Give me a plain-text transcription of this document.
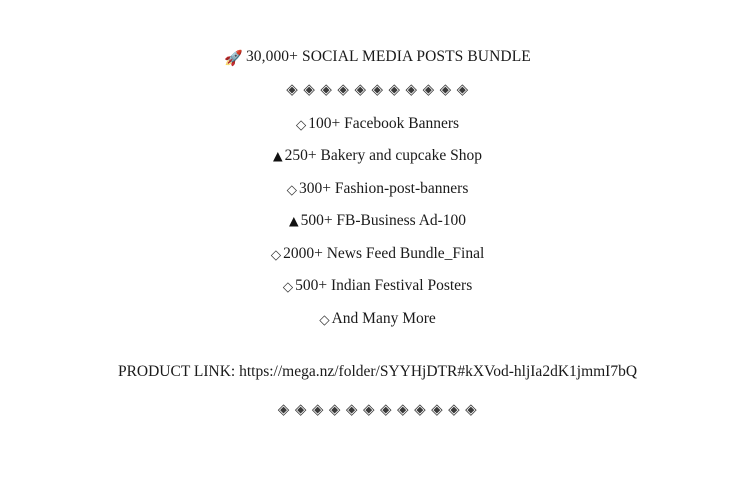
🚀 30,000+ SOCIAL MEDIA POSTS BUNDLE
◈◈◈◈◈◈◈◈◈◈◈
◇ 100+ Facebook Banners
▲ 250+ Bakery and cupcake Shop
◇ 300+ Fashion-post-banners
▲ 500+ FB-Business Ad-100
◇ 2000+ News Feed Bundle_Final
◇ 500+ Indian Festival Posters
◇ And Many More
PRODUCT LINK: https://mega.nz/folder/SYYHjDTR#kXVod-hljIa2dK1jmmI7bQ
◈◈◈◈◈◈◈◈◈◈◈◈
